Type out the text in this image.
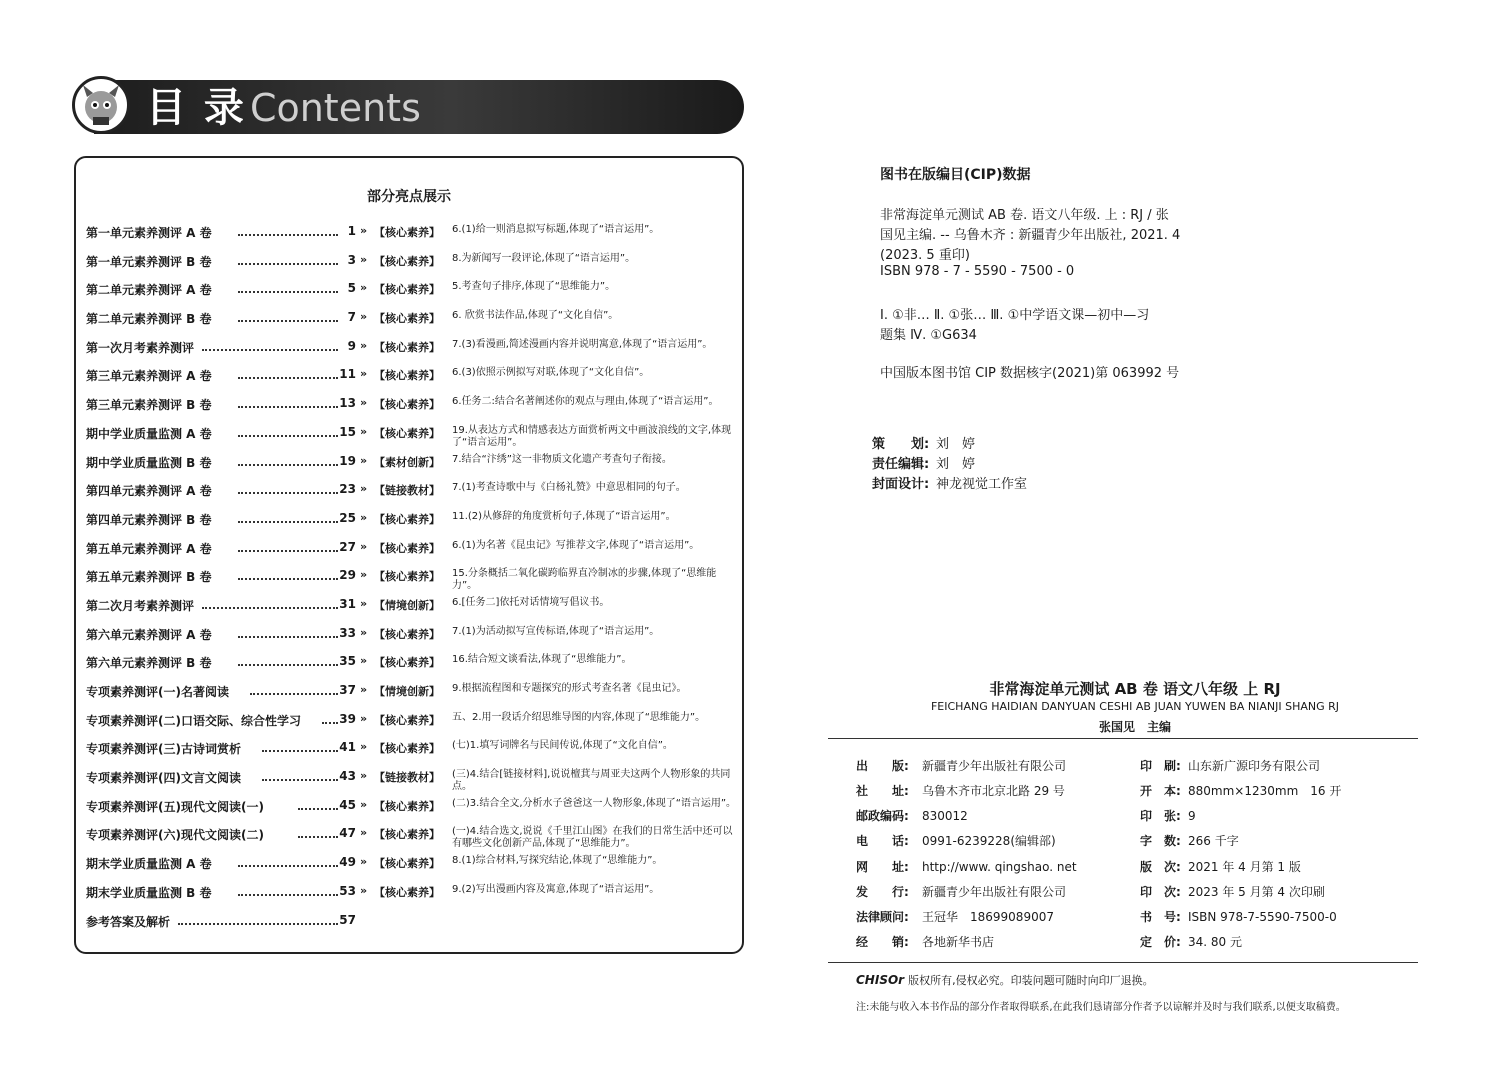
目 录 Contents
部分亮点展示
第一单元素养测评 A 卷	1 » 【核心素养】 6.(1)给一则消息拟写标题,体现了“语言运用”。
第一单元素养测评 B 卷	3 » 【核心素养】 8.为新闻写一段评论,体现了“语言运用”。
第二单元素养测评 A 卷	5 » 【核心素养】 5.考查句子排序,体现了“思维能力”。
第二单元素养测评 B 卷	7 » 【核心素养】 6. 欣赏书法作品,体现了“文化自信”。
第一次月考素养测评	9 » 【核心素养】 7.(3)看漫画,简述漫画内容并说明寓意,体现了“语言运用”。
第三单元素养测评 A 卷	11 » 【核心素养】 6.(3)依照示例拟写对联,体现了“文化自信”。
第三单元素养测评 B 卷	13 » 【核心素养】 6.任务二:结合名著阐述你的观点与理由,体现了“语言运用”。
期中学业质量监测 A 卷	15 » 【核心素养】 19.从表达方式和情感表达方面赏析两文中画波浪线的文字,体现了“语言运用”。
期中学业质量监测 B 卷	19 » 【素材创新】 7.结合“汴绣”这一非物质文化遗产考查句子衔接。
第四单元素养测评 A 卷	23 » 【链接教材】 7.(1)考查诗歌中与《白杨礼赞》中意思相同的句子。
第四单元素养测评 B 卷	25 » 【核心素养】 11.(2)从修辞的角度赏析句子,体现了“语言运用”。
第五单元素养测评 A 卷	27 » 【核心素养】 6.(1)为名著《昆虫记》写推荐文字,体现了“语言运用”。
第五单元素养测评 B 卷	29 » 【核心素养】 15.分条概括二氧化碳跨临界直冷制冰的步骤,体现了“思维能力”。
第二次月考素养测评	31 » 【情境创新】 6.[任务二]依托对话情境写倡议书。
第六单元素养测评 A 卷	33 » 【核心素养】 7.(1)为活动拟写宣传标语,体现了“语言运用”。
第六单元素养测评 B 卷	35 » 【核心素养】 16.结合短文谈看法,体现了“思维能力”。
专项素养测评(一)名著阅读	37 » 【情境创新】 9.根据流程图和专题探究的形式考查名著《昆虫记》。
专项素养测评(二)口语交际、综合性学习	39 » 【核心素养】 五、2.用一段话介绍思维导图的内容,体现了“思维能力”。
专项素养测评(三)古诗词赏析	41 » 【核心素养】 (七)1.填写词牌名与民间传说,体现了“文化自信”。
专项素养测评(四)文言文阅读	43 » 【链接教材】 (三)4.结合[链接材料],说说檀萁与周亚夫这两个人物形象的共同点。
专项素养测评(五)现代文阅读(一)	45 » 【核心素养】 (二)3.结合全文,分析水子爸爸这一人物形象,体现了“语言运用”。
专项素养测评(六)现代文阅读(二)	47 » 【核心素养】 (一)4.结合选文,说说《千里江山图》在我们的日常生活中还可以有哪些文化创新产品,体现了“思维能力”。
期末学业质量监测 A 卷	49 » 【核心素养】 8.(1)综合材料,写探究结论,体现了“思维能力”。
期末学业质量监测 B 卷	53 » 【核心素养】 9.(2)写出漫画内容及寓意,体现了“语言运用”。
参考答案及解析	57
图书在版编目(CIP)数据
非常海淀单元测试 AB 卷. 语文八年级. 上 : RJ / 张
国见主编. -- 乌鲁木齐 : 新疆青少年出版社, 2021. 4
(2023. 5 重印)
ISBN 978 - 7 - 5590 - 7500 - 0
Ⅰ. ①非… Ⅱ. ①张… Ⅲ. ①中学语文课—初中—习
题集 Ⅳ. ①G634
中国版本图书馆 CIP 数据核字(2021)第 063992 号
策　　划: 刘　婷
责任编辑: 刘　婷
封面设计: 神龙视觉工作室
非常海淀单元测试 AB 卷 语文八年级 上 RJ
FEICHANG HAIDIAN DANYUAN CESHI AB JUAN YUWEN BA NIANJI SHANG RJ
张国见　主编
出　　版: 新疆青少年出版社有限公司
社　　址: 乌鲁木齐市北京北路 29 号
邮政编码: 830012
电　　话: 0991-6239228(编辑部)
网　　址: http://www. qingshao. net
发　　行: 新疆青少年出版社有限公司
法律顾问: 王冠华　18699089007
经　　销: 各地新华书店
印　刷: 山东新广源印务有限公司
开　本: 880mm×1230mm　16 开
印　张: 9
字　数: 266 千字
版　次: 2021 年 4 月第 1 版
印　次: 2023 年 5 月第 4 次印刷
书　号: ISBN 978-7-5590-7500-0
定　价: 34. 80 元
CHISOr 版权所有,侵权必究。印装问题可随时向印厂退换。
注:未能与收入本书作品的部分作者取得联系,在此我们恳请部分作者予以谅解并及时与我们联系,以便支取稿费。
